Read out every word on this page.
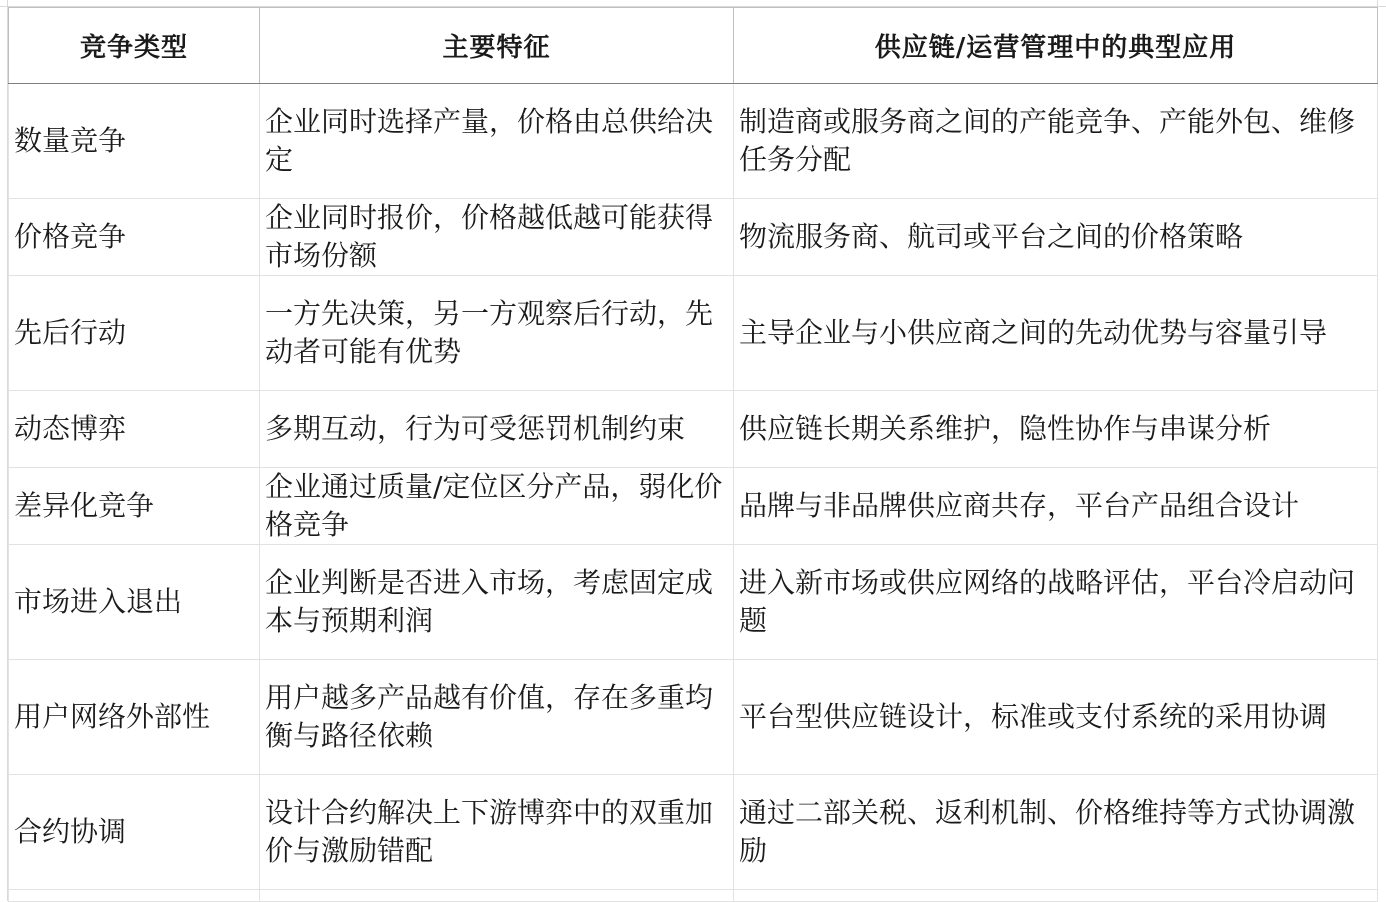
竞争类型	主要特征	供应链/运营管理中的典型应用
数量竞争	企业同时选择产量，价格由总供给决定	制造商或服务商之间的产能竞争、产能外包、维修任务分配
价格竞争	企业同时报价，价格越低越可能获得市场份额	物流服务商、航司或平台之间的价格策略
先后行动	一方先决策，另一方观察后行动，先动者可能有优势	主导企业与小供应商之间的先动优势与容量引导
动态博弈	多期互动，行为可受惩罚机制约束	供应链长期关系维护，隐性协作与串谋分析
差异化竞争	企业通过质量/定位区分产品，弱化价格竞争	品牌与非品牌供应商共存，平台产品组合设计
市场进入退出	企业判断是否进入市场，考虑固定成本与预期利润	进入新市场或供应网络的战略评估，平台冷启动问题
用户网络外部性	用户越多产品越有价值，存在多重均衡与路径依赖	平台型供应链设计，标准或支付系统的采用协调
合约协调	设计合约解决上下游博弈中的双重加价与激励错配	通过二部关税、返利机制、价格维持等方式协调激励
